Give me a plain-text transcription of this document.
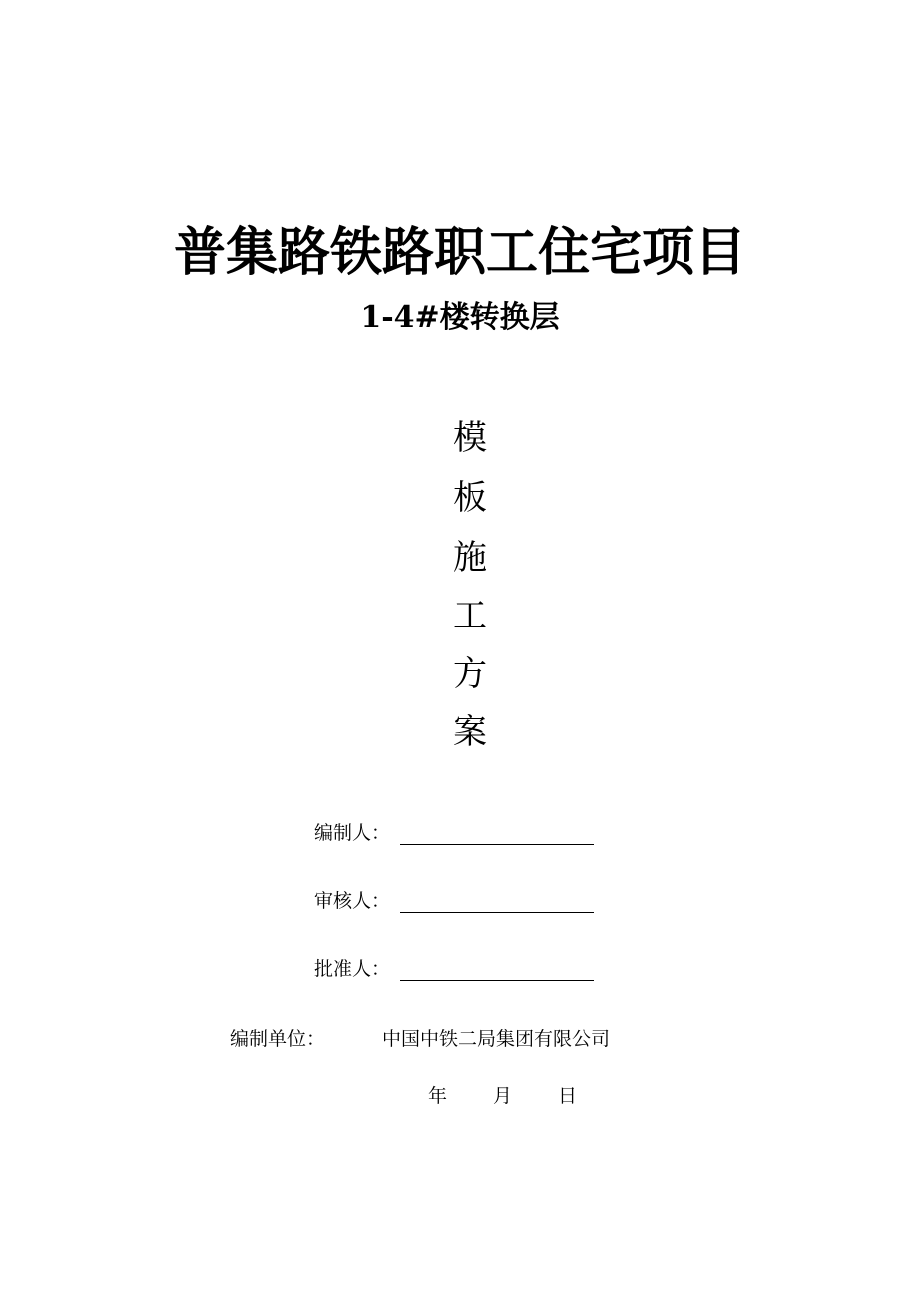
普集路铁路职工住宅项目
1-4#楼转换层
模
板
施
工
方
案
编制人：
审核人：
批准人：
编制单位：	中国中铁二局集团有限公司
年 月 日
